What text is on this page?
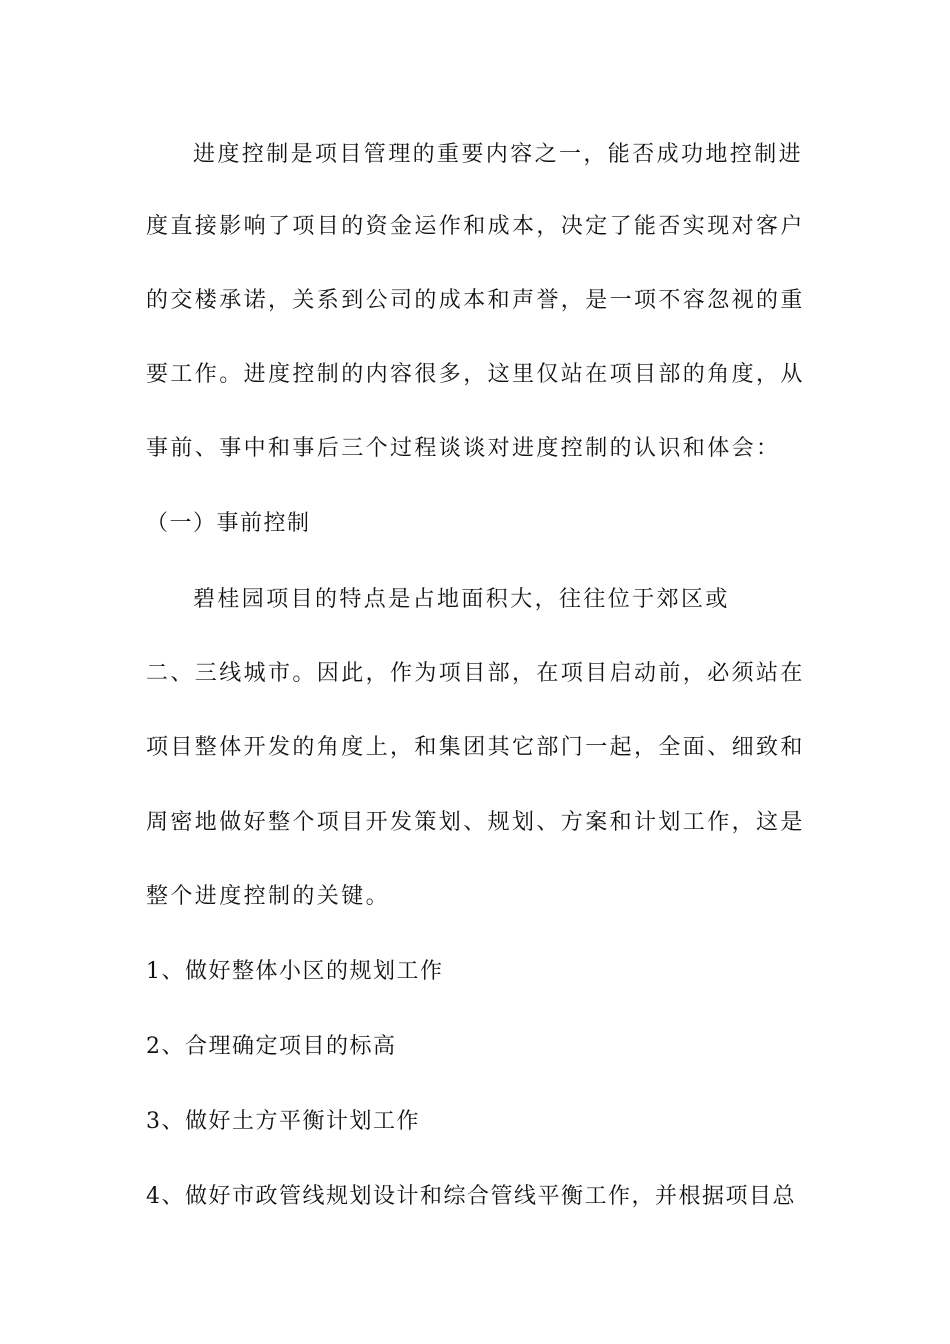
进度控制是项目管理的重要内容之一，能否成功地控制进
度直接影响了项目的资金运作和成本，决定了能否实现对客户
的交楼承诺，关系到公司的成本和声誉，是一项不容忽视的重
要工作。进度控制的内容很多，这里仅站在项目部的角度，从
事前、事中和事后三个过程谈谈对进度控制的认识和体会：
（一）事前控制
碧桂园项目的特点是占地面积大，往往位于郊区或
二、三线城市。因此，作为项目部，在项目启动前，必须站在
项目整体开发的角度上，和集团其它部门一起，全面、细致和
周密地做好整个项目开发策划、规划、方案和计划工作，这是
整个进度控制的关键。
1、做好整体小区的规划工作
2、合理确定项目的标高
3、做好土方平衡计划工作
4、做好市政管线规划设计和综合管线平衡工作，并根据项目总
